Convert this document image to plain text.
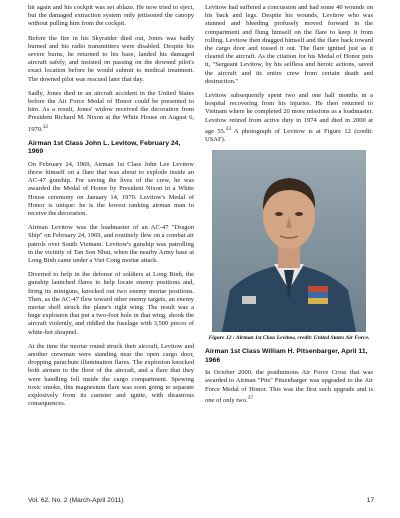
hit again and his cockpit was set ablaze. He now tried to eject, but the damaged extraction system only jettisoned the canopy without pulling him from the cockpit.

Before the fire in his Skyraider died out, Jones was badly burned and his radio transmitters were disabled. Despite his severe burns, he returned to his base, landed his damaged aircraft safely, and insisted on passing on the downed pilot's exact location before he would submit to medical treatment. The downed pilot was rescued later that day.

Sadly, Jones died in an aircraft accident in the United States before the Air Force Medal of Honor could be presented to him. As a result, Jones' widow received the decoration from President Richard M. Nixon at the White House on August 6, 1970.32

Airman 1st Class John L. Levitow, February 24, 1969

On February 24, 1969, Airman 1st Class John Lee Levitow threw himself on a flare that was about to explode inside an AC-47 gunship. For saving the lives of the crew, he was awarded the Medal of Honor by President Nixon in a White House ceremony on January 14, 1970. Levitow's Medal of Honor is unique: he is the lowest ranking airman man to receive the decoration.

Airman Levitow was the loadmaster of an AC-47 "Dragon Ship" on February 24, 1969, and routinely flew on a combat air patrols over South Vietnam. Levitow's gunship was patrolling in the vicinity of Tan Son Nhut, when the nearby Army base at Long Binh came under a Viet Cong mortar attack.

Diverted to help in the defense of soldiers at Long Binh, the gunship launched flares to help locate enemy positions and, firing its miniguns, knocked out two enemy mortar positions. Then, as the AC-47 flew toward other enemy targets, an enemy mortar shell struck the plane's right wing. The result was a huge explosion that put a two-foot hole in that wing, shook the aircraft violently, and riddled the fuselage with 3,500 pieces of white-hot shrapnel.

At the time the mortar round struck their aircraft, Levitow and another crewman were standing near the open cargo door, dropping parachute illumination flares. The explosion knocked both airmen to the floor of the aircraft, and a flare that they were handling fell inside the cargo compartment. Spewing toxic smoke, this magnesium flare was soon going to separate explosively from its canister and ignite, with disastrous consequences.

Levitow had suffered a concussion and had some 40 wounds on his back and legs. Despite his wounds, Levitow who was stunned and bleeding profusely moved forward in the compartment and flung himself on the flare to keep it from rolling. Levitow then dragged himself and the flare back toward the cargo door and tossed it out. The flare ignited just as it cleared the aircraft. As the citation for his Medal of Honor puts it, "Sergeant Levitow, by his selfless and heroic actions, saved the aircraft and its entire crew from certain death and destruction."

Levitow subsequently spent two and one half months in a hospital recovering from his injuries. He then returned to Vietnam where he completed 20 more missions as a loadmaster. Levitow retired from active duty in 1974 and died in 2000 at age 55.33 A photograph of Levitow is at Figure 12 (credit: USAF).

Figure 12 : Airman 1st Class Levitow, credit: United States Air Force.

Airman 1st Class William H. Pitsenbarger, April 11, 1966

In October 2000, the posthumous Air Force Cross that was awarded to Airman "Pits" Pitsenbarger was upgraded to the Air Force Medal of Honor. This was the first such upgrade and is one of only two.$^{37}$

Vol. 62, No. 2 (March-April 2011)	17
